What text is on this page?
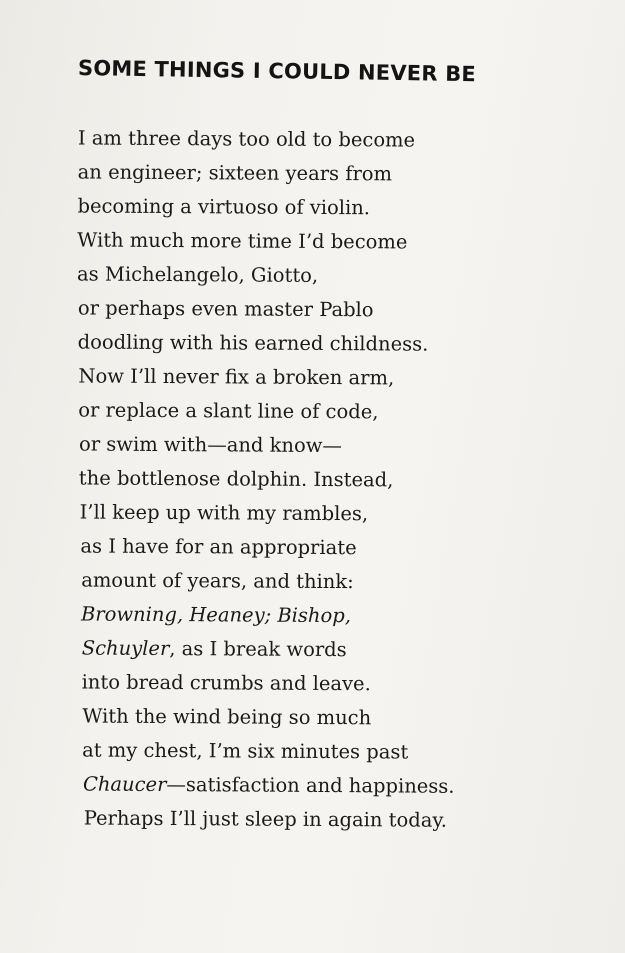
SOME THINGS I COULD NEVER BE
I am three days too old to become
an engineer; sixteen years from
becoming a virtuoso of violin.
With much more time I’d become
as Michelangelo, Giotto,
or perhaps even master Pablo
doodling with his earned childness.
Now I’ll never fix a broken arm,
or replace a slant line of code,
or swim with—and know—
the bottlenose dolphin. Instead,
I’ll keep up with my rambles,
as I have for an appropriate
amount of years, and think:
Browning, Heaney; Bishop,
Schuyler, as I break words
into bread crumbs and leave.
With the wind being so much
at my chest, I’m six minutes past
Chaucer—satisfaction and happiness.
Perhaps I’ll just sleep in again today.
